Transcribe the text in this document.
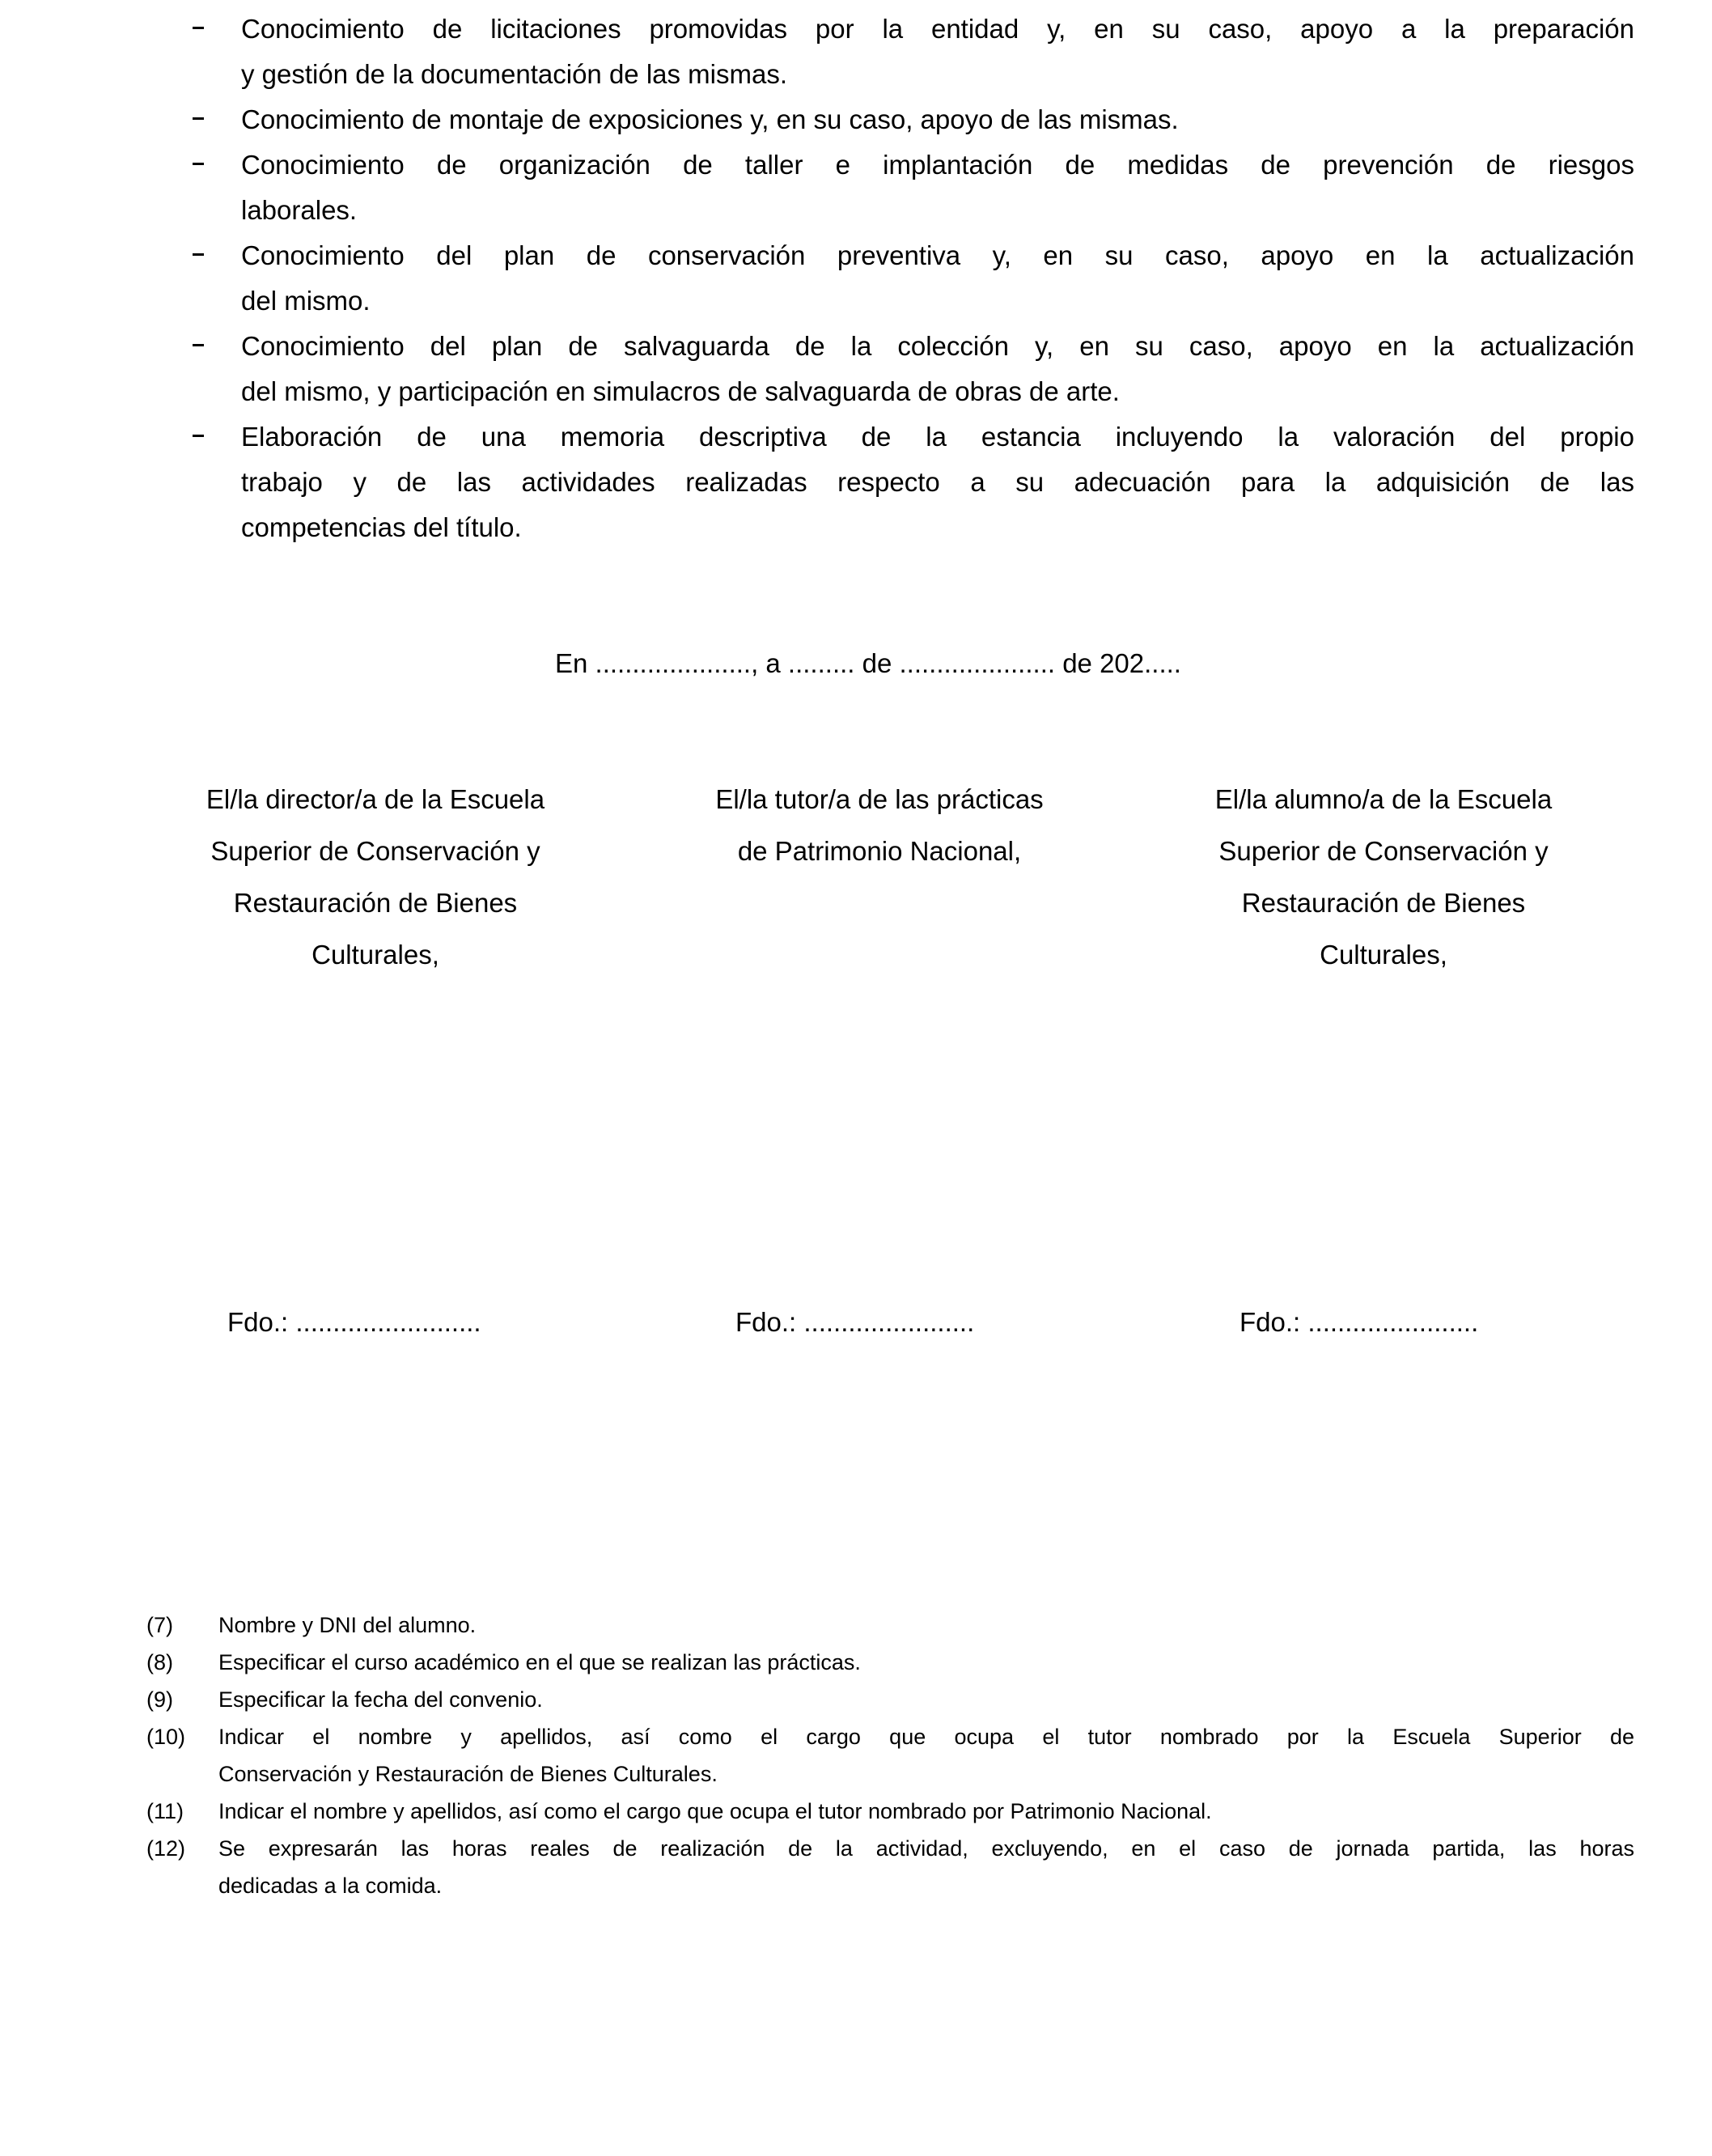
Conocimiento de licitaciones promovidas por la entidad y, en su caso, apoyo a la preparación
y gestión de la documentación de las mismas.
Conocimiento de montaje de exposiciones y, en su caso, apoyo de las mismas.
Conocimiento de organización de taller e implantación de medidas de prevención de riesgos
laborales.
Conocimiento del plan de conservación preventiva y, en su caso, apoyo en la actualización
del mismo.
Conocimiento del plan de salvaguarda de la colección y, en su caso, apoyo en la actualización
del mismo, y participación en simulacros de salvaguarda de obras de arte.
Elaboración de una memoria descriptiva de la estancia incluyendo la valoración del propio
trabajo y de las actividades realizadas respecto a su adecuación para la adquisición de las
competencias del título.
En ....................., a ......... de ..................... de 202.....
El/la director/a de la Escuela
Superior de Conservación y
Restauración de Bienes
Culturales,
El/la tutor/a de las prácticas
de Patrimonio Nacional,
El/la alumno/a de la Escuela
Superior de Conservación y
Restauración de Bienes
Culturales,
Fdo.: .........................	Fdo.: .......................	Fdo.: .......................
(7) Nombre y DNI del alumno.
(8) Especificar el curso académico en el que se realizan las prácticas.
(9) Especificar la fecha del convenio.
(10) Indicar el nombre y apellidos, así como el cargo que ocupa el tutor nombrado por la Escuela Superior de
Conservación y Restauración de Bienes Culturales.
(11) Indicar el nombre y apellidos, así como el cargo que ocupa el tutor nombrado por Patrimonio Nacional.
(12) Se expresarán las horas reales de realización de la actividad, excluyendo, en el caso de jornada partida, las horas
dedicadas a la comida.
